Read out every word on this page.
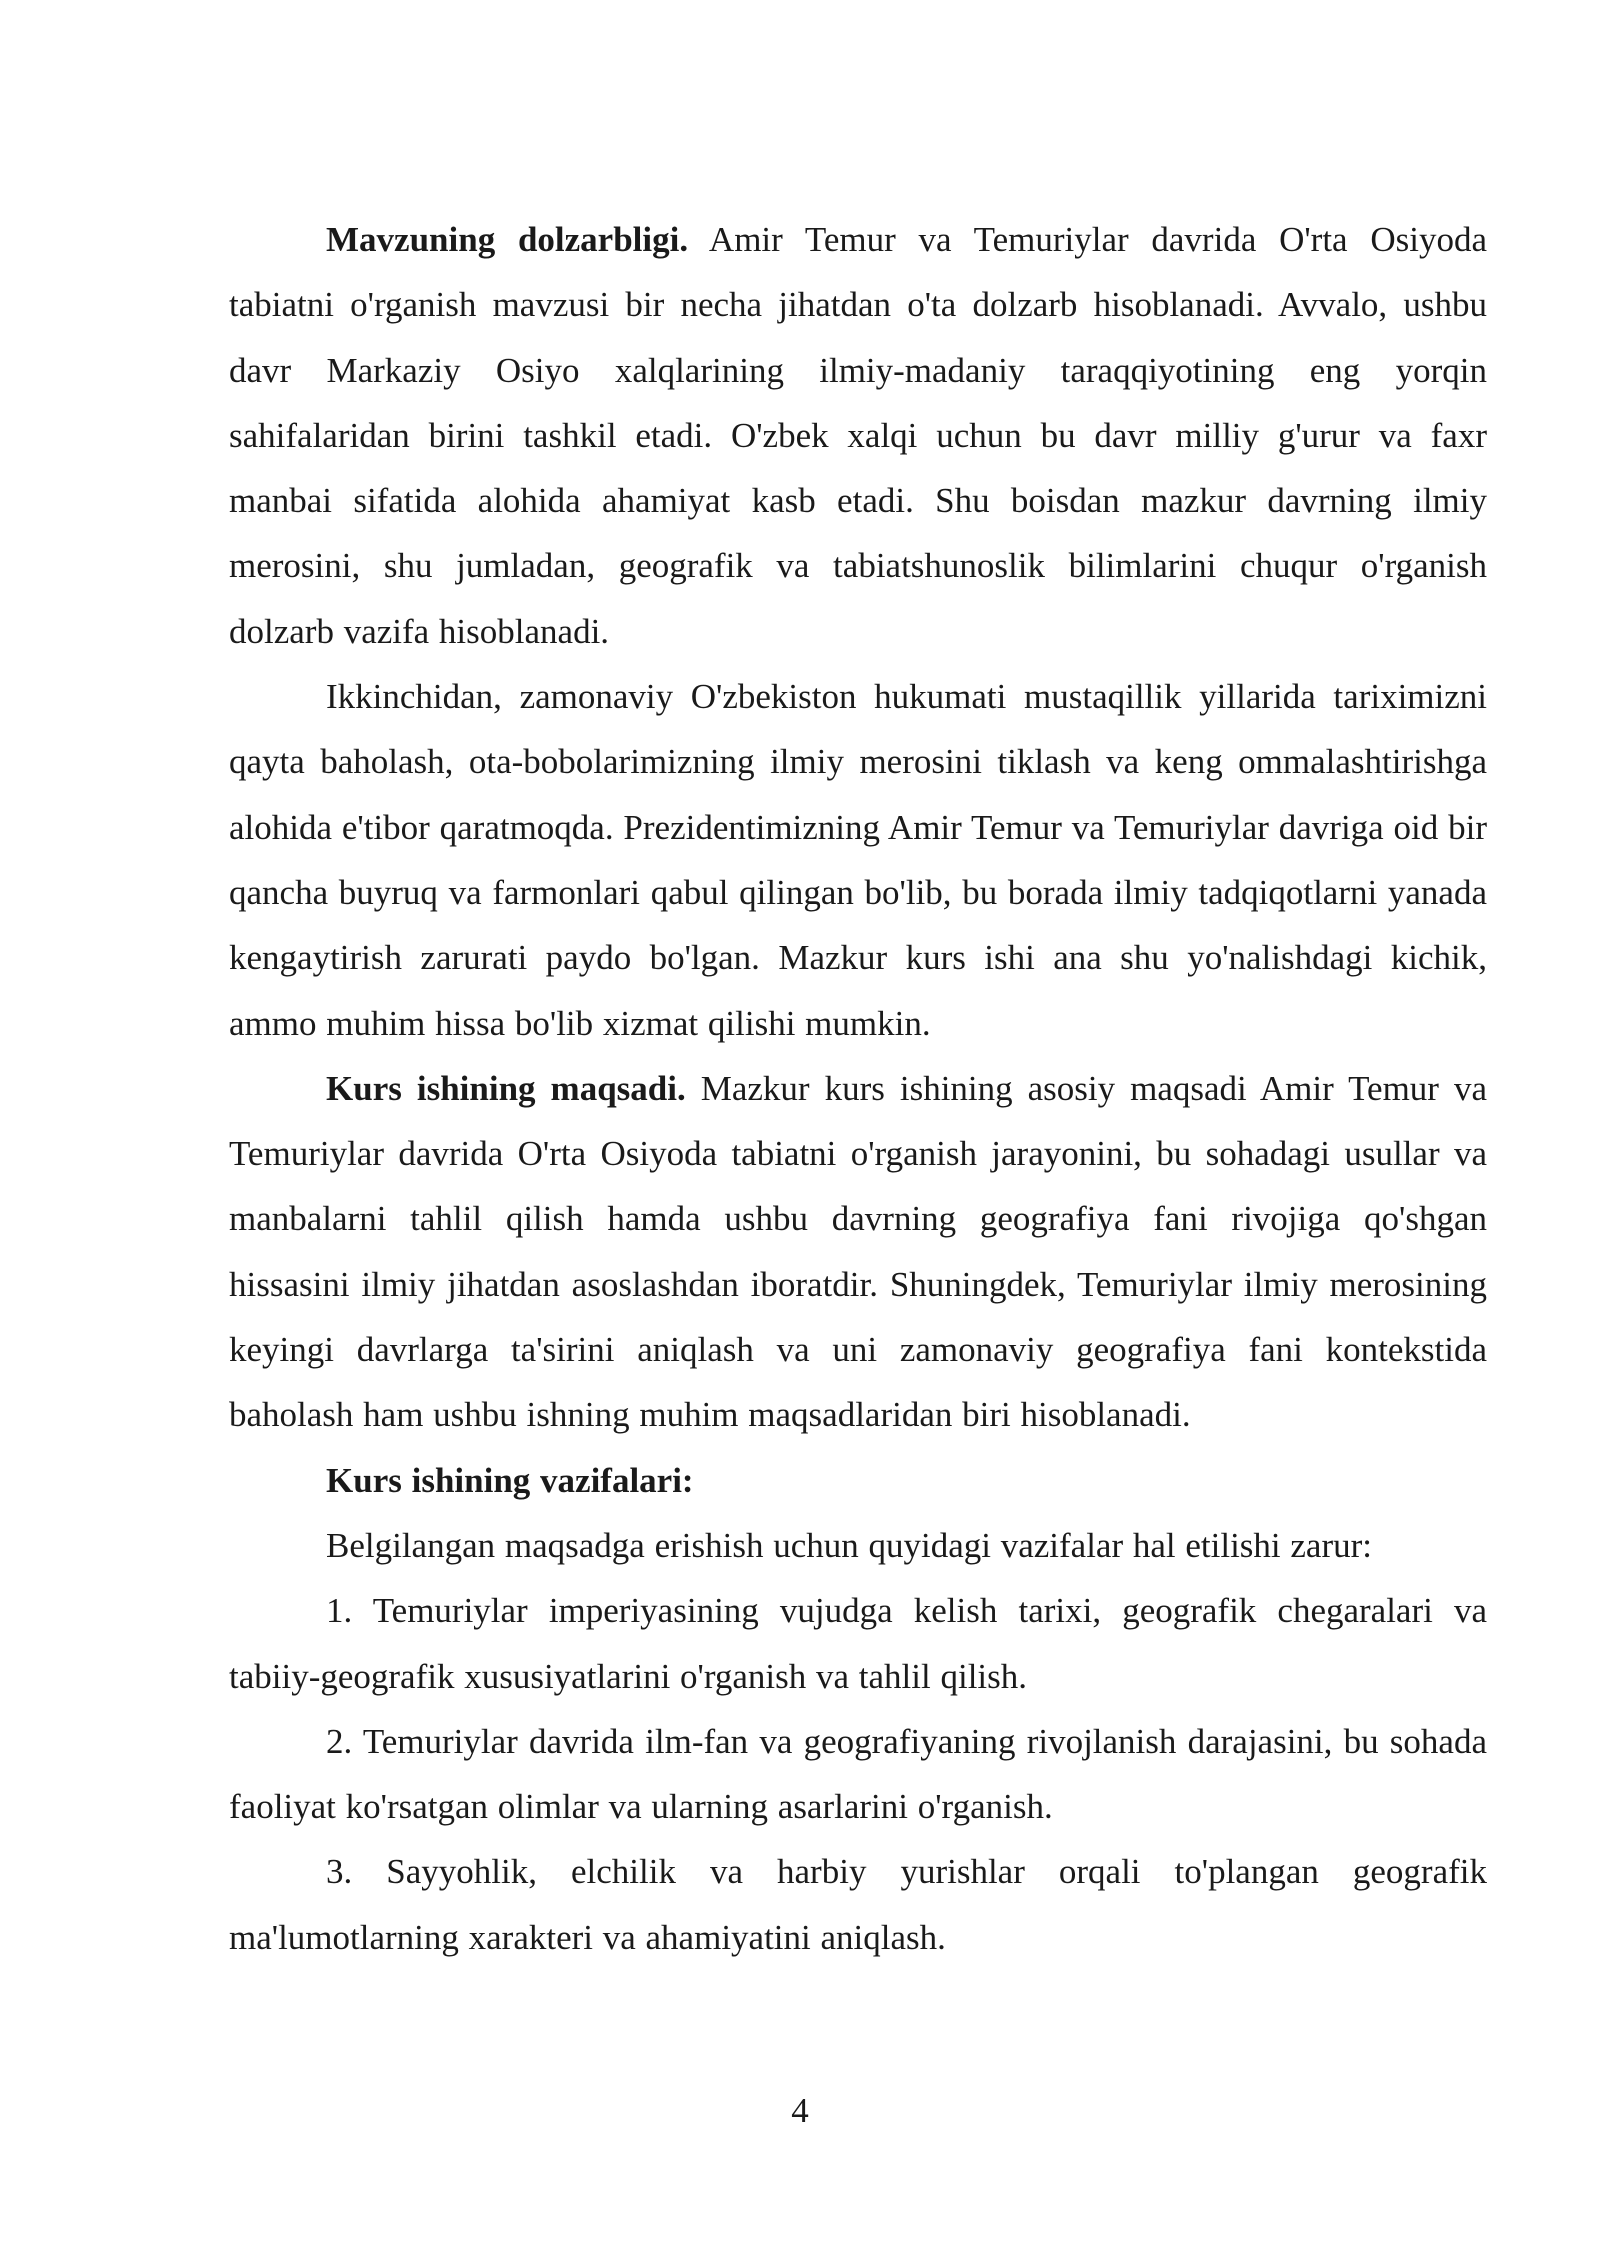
Mavzuning dolzarbligi. Amir Temur va Temuriylar davrida O'rta Osiyoda tabiatni o'rganish mavzusi bir necha jihatdan o'ta dolzarb hisoblanadi. Avvalo, ushbu davr Markaziy Osiyo xalqlarining ilmiy-madaniy taraqqiyotining eng yorqin sahifalaridan birini tashkil etadi. O'zbek xalqi uchun bu davr milliy g'urur va faxr manbai sifatida alohida ahamiyat kasb etadi. Shu boisdan mazkur davrning ilmiy merosini, shu jumladan, geografik va tabiatshunoslik bilimlarini chuqur o'rganish dolzarb vazifa hisoblanadi.

Ikkinchidan, zamonaviy O'zbekiston hukumati mustaqillik yillarida tariximizni qayta baholash, ota-bobolarimizning ilmiy merosini tiklash va keng ommalashtirishga alohida e'tibor qaratmoqda. Prezidentimizning Amir Temur va Temuriylar davriga oid bir qancha buyruq va farmonlari qabul qilingan bo'lib, bu borada ilmiy tadqiqotlarni yanada kengaytirish zarurati paydo bo'lgan. Mazkur kurs ishi ana shu yo'nalishdagi kichik, ammo muhim hissa bo'lib xizmat qilishi mumkin.

Kurs ishining maqsadi. Mazkur kurs ishining asosiy maqsadi Amir Temur va Temuriylar davrida O'rta Osiyoda tabiatni o'rganish jarayonini, bu sohadagi usullar va manbalarni tahlil qilish hamda ushbu davrning geografiya fani rivojiga qo'shgan hissasini ilmiy jihatdan asoslashdan iboratdir. Shuningdek, Temuriylar ilmiy merosining keyingi davrlarga ta'sirini aniqlash va uni zamonaviy geografiya fani kontekstida baholash ham ushbu ishning muhim maqsadlaridan biri hisoblanadi.

Kurs ishining vazifalari:

Belgilangan maqsadga erishish uchun quyidagi vazifalar hal etilishi zarur:

1. Temuriylar imperiyasining vujudga kelish tarixi, geografik chegaralari va tabiiy-geografik xususiyatlarini o'rganish va tahlil qilish.

2. Temuriylar davrida ilm-fan va geografiyaning rivojlanish darajasini, bu sohada faoliyat ko'rsatgan olimlar va ularning asarlarini o'rganish.

3. Sayyohlik, elchilik va harbiy yurishlar orqali to'plangan geografik ma'lumotlarning xarakteri va ahamiyatini aniqlash.

4
